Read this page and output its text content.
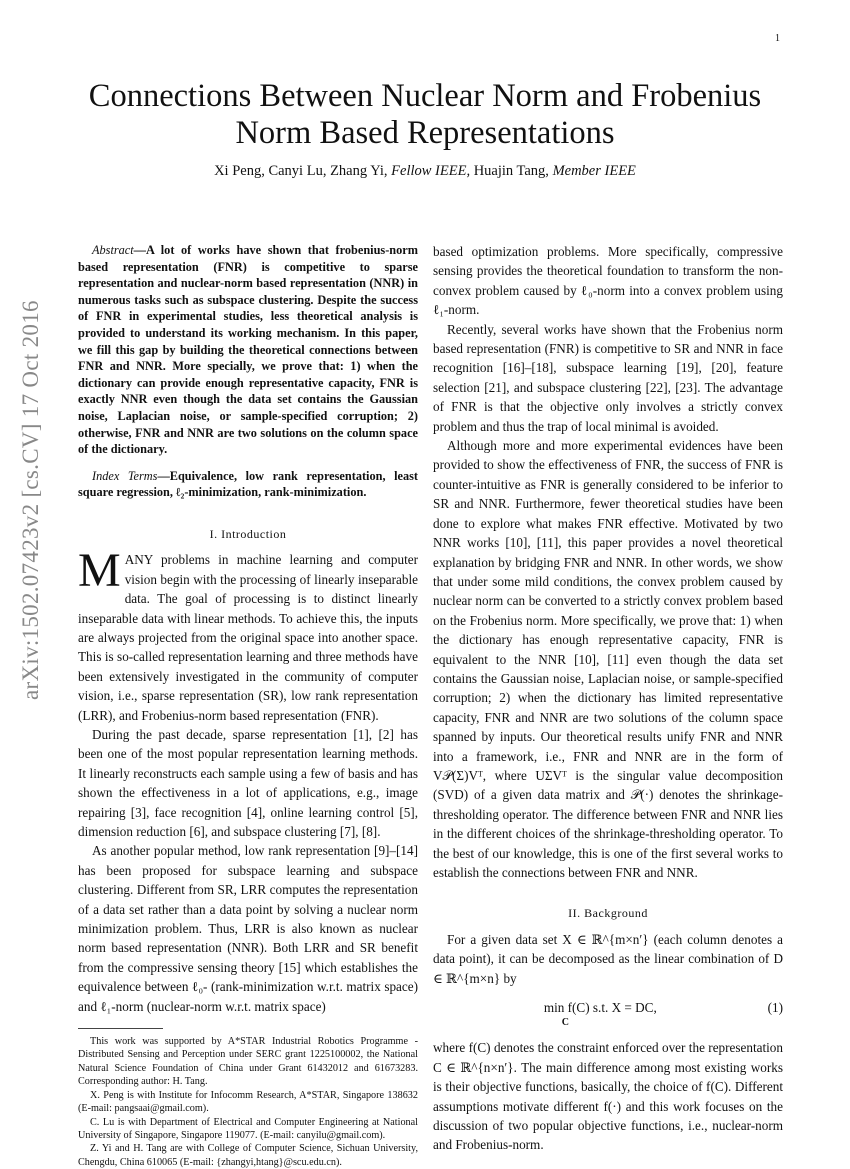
1
arXiv:1502.07423v2 [cs.CV] 17 Oct 2016
Connections Between Nuclear Norm and Frobenius
Norm Based Representations
Xi Peng, Canyi Lu, Zhang Yi, Fellow IEEE, Huajin Tang, Member IEEE

Abstract—A lot of works have shown that frobenius-norm based representation (FNR) is competitive to sparse representation and nuclear-norm based representation (NNR) in numerous tasks such as subspace clustering. Despite the success of FNR in experimental studies, less theoretical analysis is provided to understand its working mechanism. In this paper, we fill this gap by building the theoretical connections between FNR and NNR. More specially, we prove that: 1) when the dictionary can provide enough representative capacity, FNR is exactly NNR even though the data set contains the Gaussian noise, Laplacian noise, or sample-specified corruption; 2) otherwise, FNR and NNR are two solutions on the column space of the dictionary.

Index Terms—Equivalence, low rank representation, least square regression, ℓ₂-minimization, rank-minimization.

I. Introduction

MANY problems in machine learning and computer vision begin with the processing of linearly inseparable data. The goal of processing is to distinct linearly inseparable data with linear methods. To achieve this, the inputs are always projected from the original space into another space. This is so-called representation learning and three methods have been extensively investigated in the community of computer vision, i.e., sparse representation (SR), low rank representation (LRR), and Frobenius-norm based representation (FNR).

During the past decade, sparse representation [1], [2] has been one of the most popular representation learning methods. It linearly reconstructs each sample using a few of basis and has shown the effectiveness in a lot of applications, e.g., image repairing [3], face recognition [4], online learning control [5], dimension reduction [6], and subspace clustering [7], [8].

As another popular method, low rank representation [9]–[14] has been proposed for subspace learning and subspace clustering. Different from SR, LRR computes the representation of a data set rather than a data point by solving a nuclear norm minimization problem. Thus, LRR is also known as nuclear norm based representation (NNR). Both LRR and SR benefit from the compressive sensing theory [15] which establishes the equivalence between ℓ₀- (rank-minimization w.r.t. matrix space) and ℓ₁-norm (nuclear-norm w.r.t. matrix space)

This work was supported by A*STAR Industrial Robotics Programme - Distributed Sensing and Perception under SERC grant 1225100002, the National Natural Science Foundation of China under Grant 61432012 and 61673283. Corresponding author: H. Tang.

X. Peng is with Institute for Infocomm Research, A*STAR, Singapore 138632 (E-mail: pangsaai@gmail.com).

C. Lu is with Department of Electrical and Computer Engineering at National University of Singapore, Singapore 119077. (E-mail: canyilu@gmail.com).

Z. Yi and H. Tang are with College of Computer Science, Sichuan University, Chengdu, China 610065 (E-mail: {zhangyi,htang}@scu.edu.cn).

based optimization problems. More specifically, compressive sensing provides the theoretical foundation to transform the non-convex problem caused by ℓ₀-norm into a convex problem using ℓ₁-norm.

Recently, several works have shown that the Frobenius norm based representation (FNR) is competitive to SR and NNR in face recognition [16]–[18], subspace learning [19], [20], feature selection [21], and subspace clustering [22], [23]. The advantage of FNR is that the objective only involves a strictly convex problem and thus the trap of local minimal is avoided.

Although more and more experimental evidences have been provided to show the effectiveness of FNR, the success of FNR is counter-intuitive as FNR is generally considered to be inferior to SR and NNR. Furthermore, fewer theoretical studies have been done to explore what makes FNR effective. Motivated by two NNR works [10], [11], this paper provides a novel theoretical explanation by bridging FNR and NNR. In other words, we show that under some mild conditions, the convex problem caused by nuclear norm can be converted to a strictly convex problem based on the Frobenius norm. More specifically, we prove that: 1) when the dictionary has enough representative capacity, FNR is equivalent to the NNR [10], [11] even though the data set contains the Gaussian noise, Laplacian noise, or sample-specified corruption; 2) when the dictionary has limited representative capacity, FNR and NNR are two solutions of the column space spanned by inputs. Our theoretical results unify FNR and NNR into a framework, i.e., FNR and NNR are in the form of V𝒫(Σ)Vᵀ, where UΣVᵀ is the singular value decomposition (SVD) of a given data matrix and 𝒫(·) denotes the shrinkage-thresholding operator. The difference between FNR and NNR lies in the different choices of the shrinkage-thresholding operator. To the best of our knowledge, this is one of the first several works to establish the connections between FNR and NNR.

II. Background

For a given data set X ∈ ℝ^{m×n′} (each column denotes a data point), it can be decomposed as the linear combination of D ∈ ℝ^{m×n} by

min f(C) s.t. X = DC,
C
(1)

where f(C) denotes the constraint enforced over the representation C ∈ ℝ^{n×n′}. The main difference among most existing works is their objective functions, basically, the choice of f(C). Different assumptions motivate different f(·) and this work focuses on the discussion of two popular objective functions, i.e., nuclear-norm and Frobenius-norm.
